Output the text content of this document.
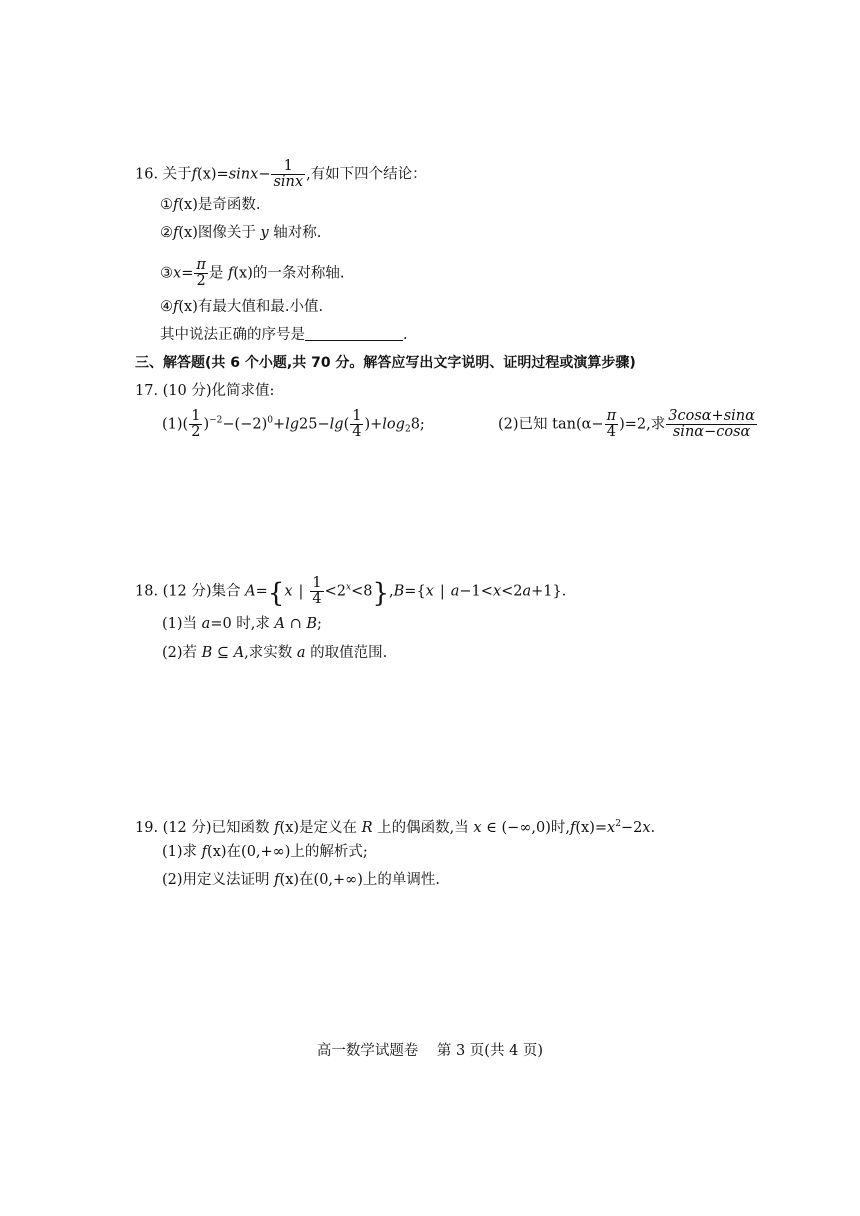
16. 关于$f(x)=\sin x- \frac{1}{\sin x}$ ,有如下四个结论：
①f(x)是奇函数.
②f(x)图像关于 y 轴对称.
③x= $\frac{\pi}{2}$ 是 f(x)的一条对称轴.
④f(x)有最大值和最.小值.
其中说法正确的序号是	.
三、解答题(共 6 个小题,共 70 分。解答应写出文字说明、证明过程或演算步骤)
17. (10 分)化简求值:
$(1)( \frac{1}{2} )^{-2}-(-2)^0+\lg 25-\lg( \frac{1}{4} )+\log_28$;	(2)已知 $\tan(\alpha- \frac{\pi}{4} )=2$,求 $\frac{3\cos\alpha+\sin\alpha}{\sin\alpha-\cos\alpha}$
18. (12 分)集合 A={x | $\frac{1}{4} <2^x<8\},B=\{x$ | a−1<x<2a+1}.
(1)当 a=0 时,求 A ∩ B;
(2)若 B ⊆ A,求实数 a 的取值范围.
19. (12 分)已知函数 f(x)是定义在 R 上的偶函数,当 x ∈ (−∞,0)时$,f(x)=x^2-2x$.
(1)求 f(x)在(0,+∞)上的解析式;
(2)用定义法证明 f(x)在(0,+∞)上的单调性.
高一数学试题卷    第 3 页(共 4 页)
